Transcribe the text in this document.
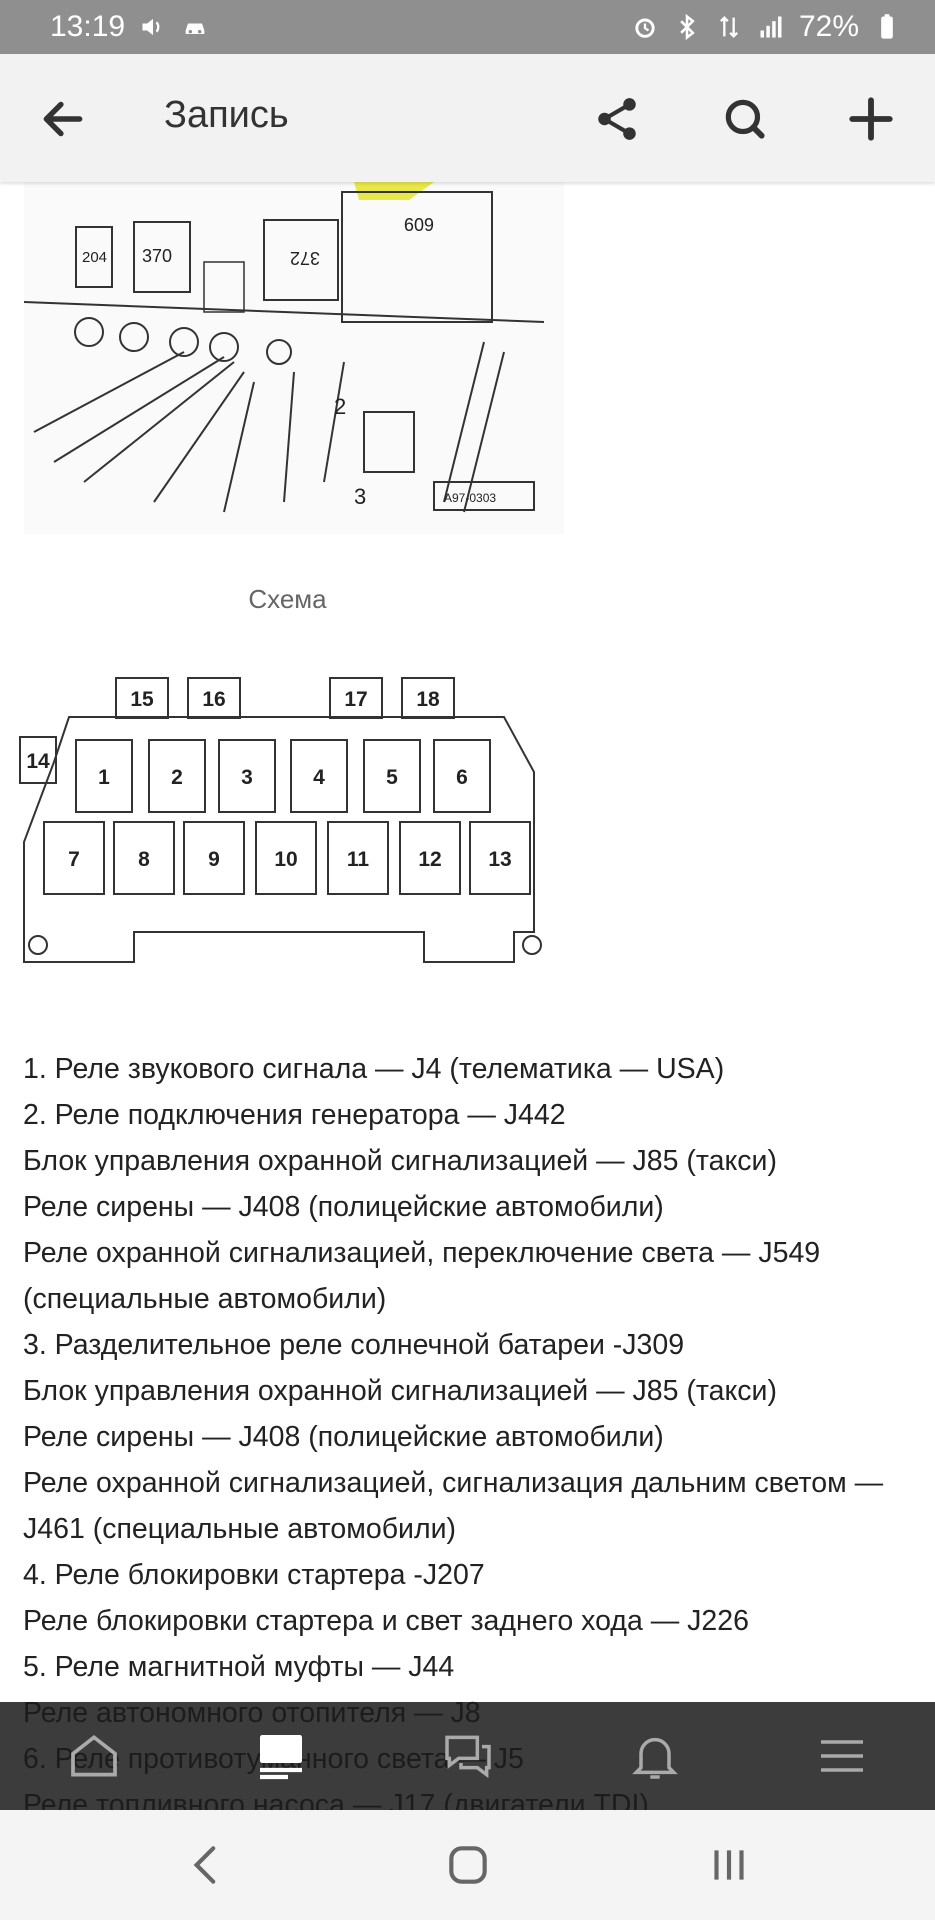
13:19	72%
Запись
204 370	372
609
2
3	A97-0303
Схема
15 16	17 18
14
1	2	3	4	5	6
7	8	9	10 11 12 13

1. Реле звукового сигнала — J4 (телематика — USA)

2. Реле подключения генератора — J442

Блок управления охранной сигнализацией — J85 (такси)

Реле сирены — J408 (полицейские автомобили)

Реле охранной сигнализацией, переключение света — J549 (специальные автомобили)

3. Разделительное реле солнечной батареи -J309

Блок управления охранной сигнализацией — J85 (такси)

Реле сирены — J408 (полицейские автомобили)

Реле охранной сигнализацией, сигнализация дальним светом — J461 (специальные автомобили)

4. Реле блокировки стартера -J207

Реле блокировки стартера и свет заднего хода — J226

5. Реле магнитной муфты — J44
